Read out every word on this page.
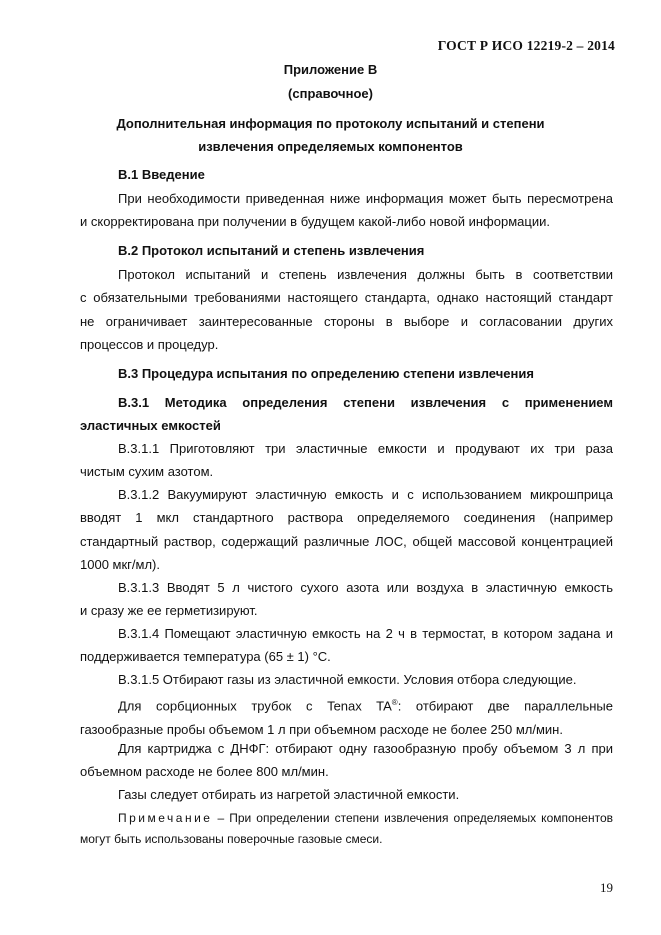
ГОСТ Р ИСО 12219-2 – 2014
Приложение В
(справочное)
Дополнительная информация по протоколу испытаний и степени
извлечения определяемых компонентов
В.1 Введение
При необходимости приведенная ниже информация может быть пересмотрена
и скорректирована при получении в будущем какой-либо новой информации.
В.2 Протокол испытаний и степень извлечения
Протокол испытаний и степень извлечения должны быть в соответствии
с обязательными требованиями настоящего стандарта, однако настоящий стандарт
не ограничивает заинтересованные стороны в выборе и согласовании других
процессов и процедур.
В.3 Процедура испытания по определению степени извлечения
В.3.1 Методика определения степени извлечения с применением
эластичных емкостей
В.3.1.1 Приготовляют три эластичные емкости и продувают их три раза
чистым сухим азотом.
В.3.1.2 Вакуумируют эластичную емкость и с использованием микрошприца
вводят 1 мкл стандартного раствора определяемого соединения (например
стандартный раствор, содержащий различные ЛОС, общей массовой концентрацией
1000 мкг/мл).
В.3.1.3 Вводят 5 л чистого сухого азота или воздуха в эластичную емкость
и сразу же ее герметизируют.
В.3.1.4 Помещают эластичную емкость на 2 ч в термостат, в котором задана и
поддерживается температура (65 ± 1) °С.
В.3.1.5 Отбирают газы из эластичной емкости. Условия отбора следующие.
Для сорбционных трубок с Tenax TA®: отбирают две параллельные
газообразные пробы объемом 1 л при объемном расходе не более 250 мл/мин.
Для картриджа с ДНФГ: отбирают одну газообразную пробу объемом 3 л при
объемном расходе не более 800 мл/мин.
Газы следует отбирать из нагретой эластичной емкости.
Примечание – При определении степени извлечения определяемых компонентов
могут быть использованы поверочные газовые смеси.
19
